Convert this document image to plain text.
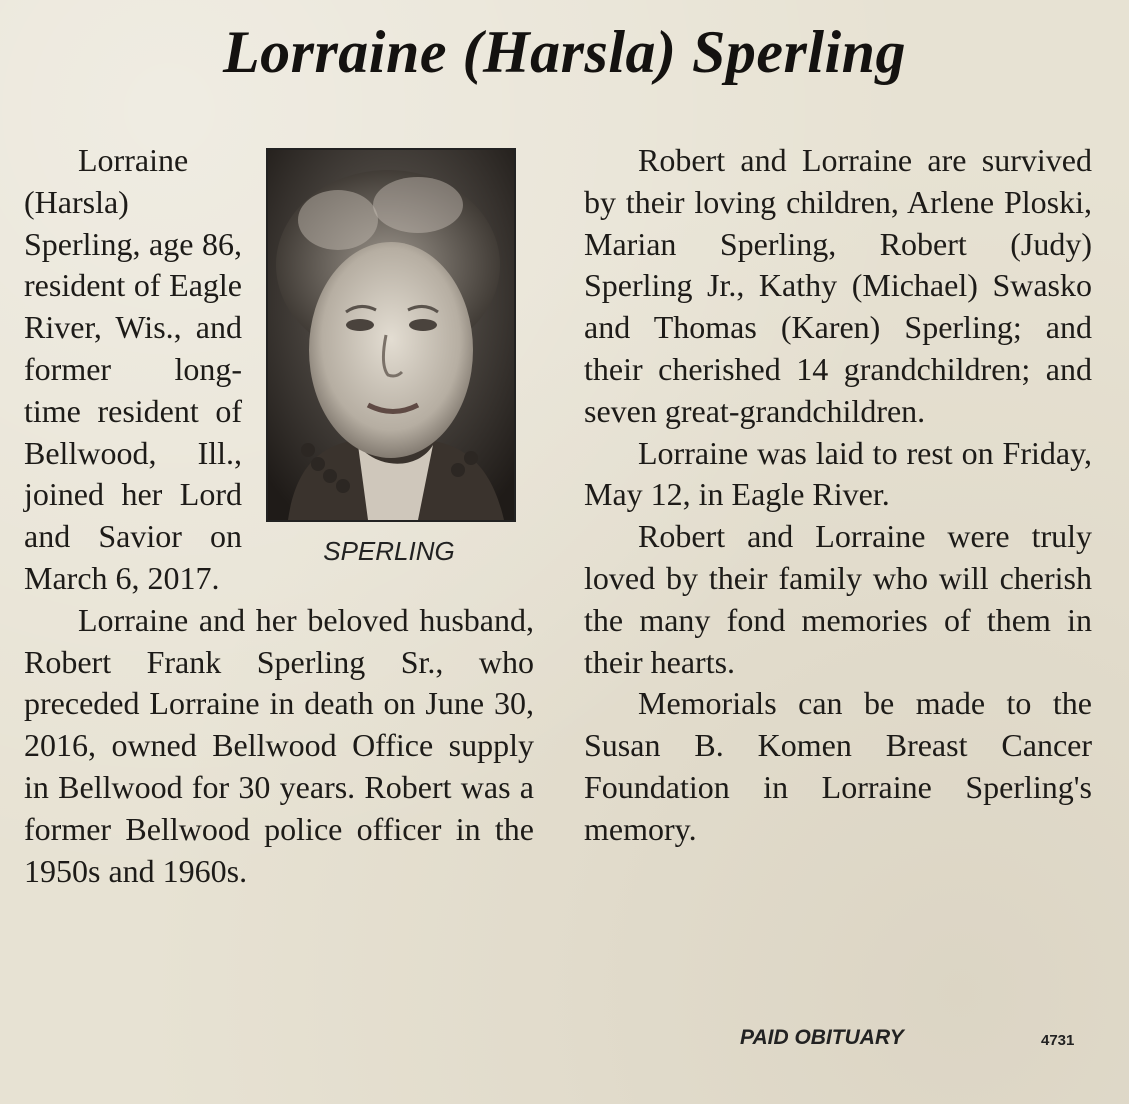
Lorraine (Harsla) Sperling
SPERLING

Lorraine (Harsla) Sperling, age 86, resident of Eagle River, Wis., and former long-time resident of Bellwood, Ill., joined her Lord and Savior on March 6, 2017.

Lorraine and her beloved husband, Robert Frank Sperling Sr., who preceded Lorraine in death on June 30, 2016, owned Bellwood Office supply in Bellwood for 30 years. Robert was a former Bellwood police officer in the 1950s and 1960s.

Robert and Lorraine are survived by their loving children, Arlene Ploski, Marian Sperling, Robert (Judy) Sperling Jr., Kathy (Michael) Swasko and Thomas (Karen) Sperling; and their cherished 14 grandchildren; and seven great-grandchildren.

Lorraine was laid to rest on Friday, May 12, in Eagle River.

Robert and Lorraine were truly loved by their family who will cherish the many fond memories of them in their hearts.

Memorials can be made to the Susan B. Komen Breast Cancer Foundation in Lorraine Sperling's memory.

PAID OBITUARY	4731
